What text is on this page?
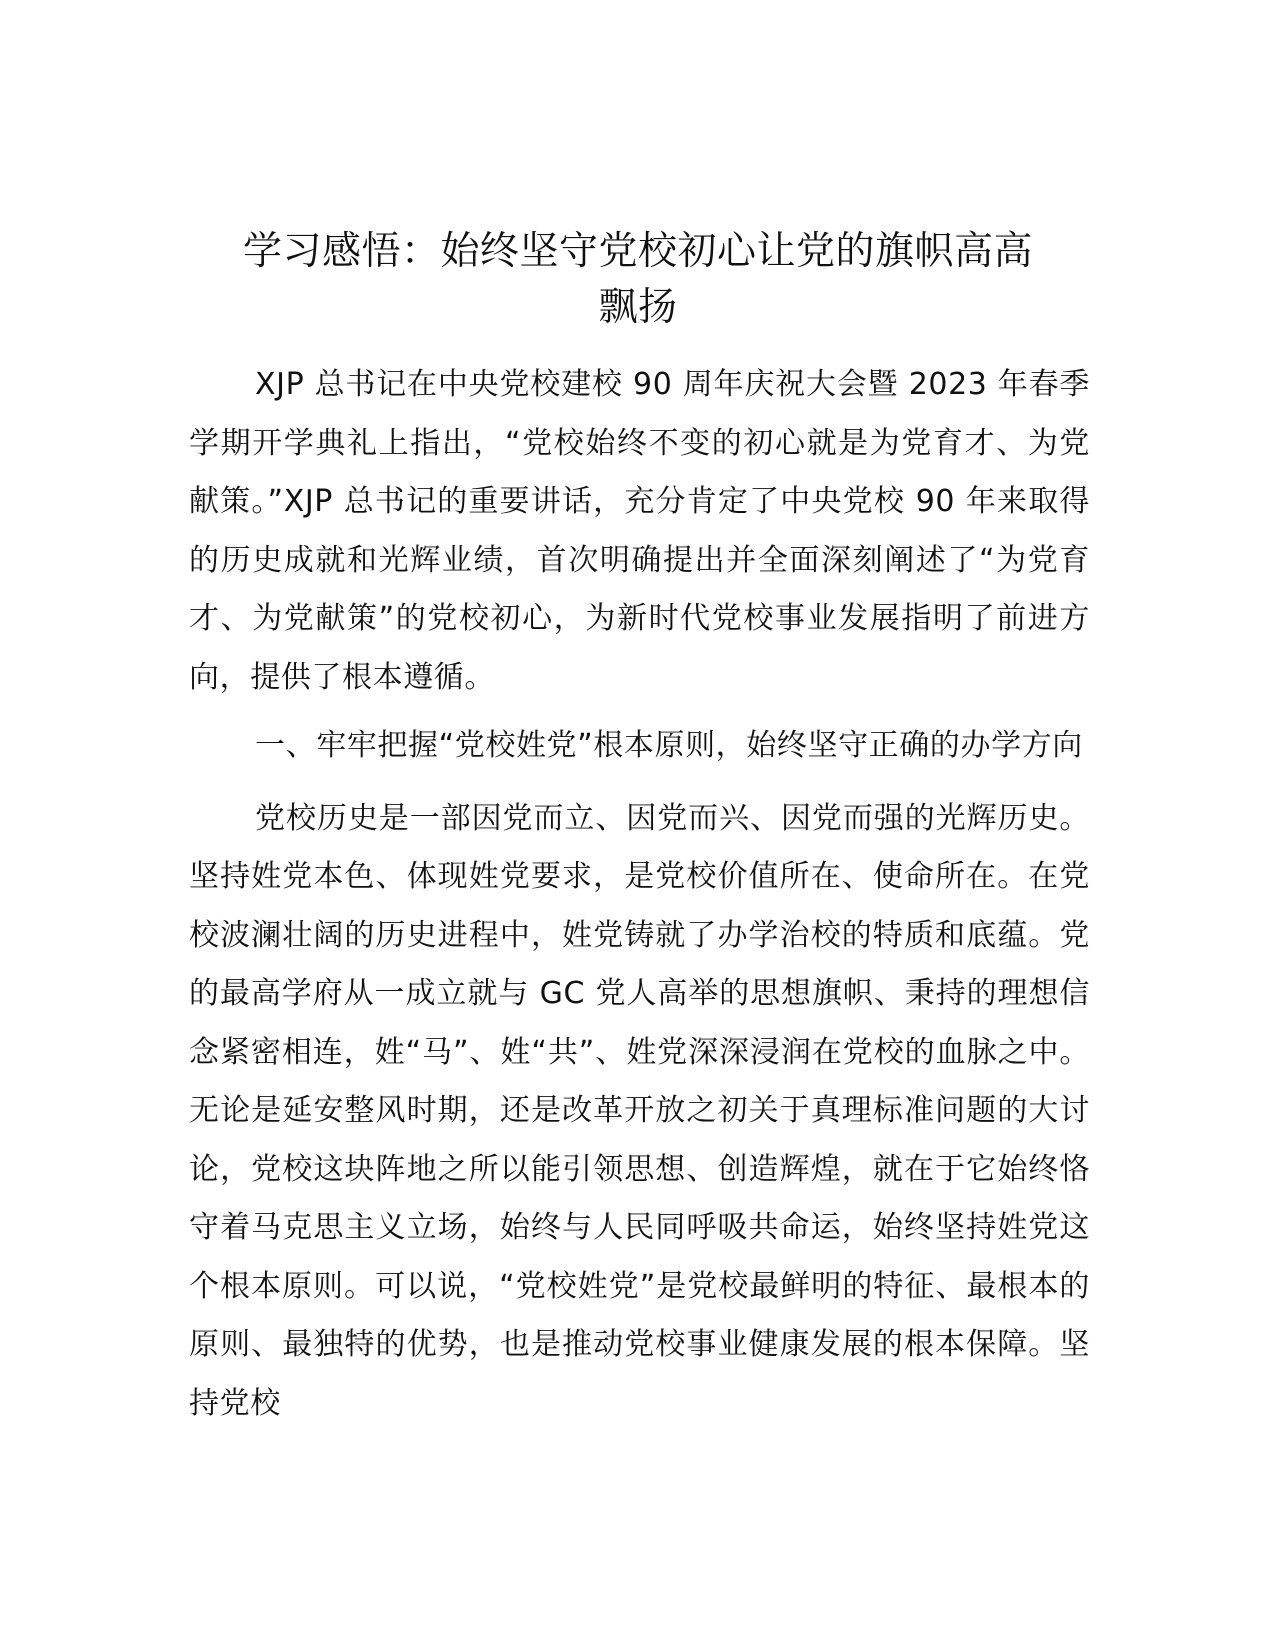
学习感悟：始终坚守党校初心让党的旗帜高高
飘扬

XJP 总书记在中央党校建校 90 周年庆祝大会暨 2023 年春季学期开学典礼上指出，“党校始终不变的初心就是为党育才、为党献策。”XJP 总书记的重要讲话，充分肯定了中央党校 90 年来取得的历史成就和光辉业绩，首次明确提出并全面深刻阐述了“为党育才、为党献策”的党校初心，为新时代党校事业发展指明了前进方向，提供了根本遵循。

一、牢牢把握“党校姓党”根本原则，始终坚守正确的办学方向

党校历史是一部因党而立、因党而兴、因党而强的光辉历史。坚持姓党本色、体现姓党要求，是党校价值所在、使命所在。在党校波澜壮阔的历史进程中，姓党铸就了办学治校的特质和底蕴。党的最高学府从一成立就与 GC 党人高举的思想旗帜、秉持的理想信念紧密相连，姓“马”、姓“共”、姓党深深浸润在党校的血脉之中。无论是延安整风时期，还是改革开放之初关于真理标准问题的大讨论，党校这块阵地之所以能引领思想、创造辉煌，就在于它始终恪守着马克思主义立场，始终与人民同呼吸共命运，始终坚持姓党这个根本原则。可以说，“党校姓党”是党校最鲜明的特征、最根本的原则、最独特的优势，也是推动党校事业健康发展的根本保障。坚持党校
